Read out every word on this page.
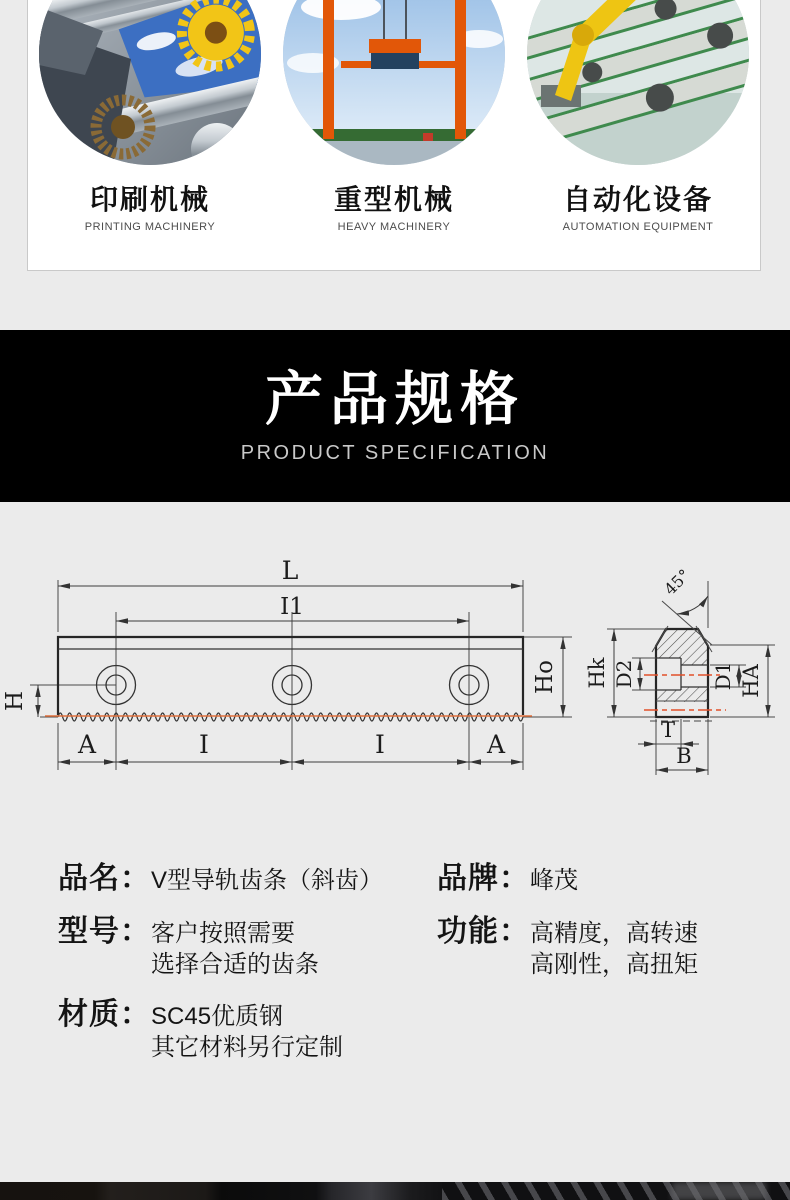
印刷机械
PRINTING MACHINERY
重型机械
HEAVY MACHINERY
自动化设备
AUTOMATION EQUIPMENT
产品规格
PRODUCT SPECIFICATION
L
I1
H
Ho
A	I	I	A
45°
Hk D2	D1 HA
T
B
品名： V型导轨齿条（斜齿）
型号： 客户按照需要
选择合适的齿条
材质： SC45优质钢
其它材料另行定制
品牌： 峰茂
功能： 高精度，高转速
高刚性，高扭矩
